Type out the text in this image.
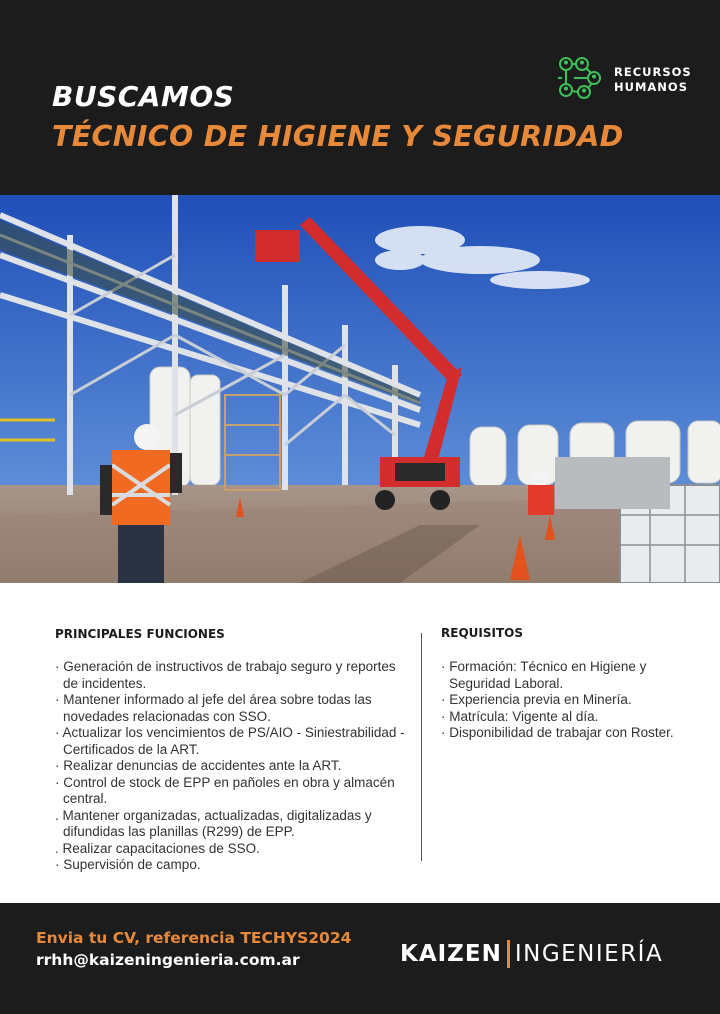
BUSCAMOS
TÉCNICO DE HIGIENE Y SEGURIDAD
RECURSOS
HUMANOS
PRINCIPALES FUNCIONES
· Generación de instructivos de trabajo seguro y reportes de incidentes.
· Mantener informado al jefe del área sobre todas las novedades relacionadas con SSO.
· Actualizar los vencimientos de PS/AIO - Siniestrabilidad - Certificados de la ART.
· Realizar denuncias de accidentes ante la ART.
· Control de stock de EPP en pañoles en obra y almacén central.
. Mantener organizadas, actualizadas, digitalizadas y difundidas las planillas (R299) de EPP.
. Realizar capacitaciones de SSO.
· Supervisión de campo.
REQUISITOS
· Formación: Técnico en Higiene y Seguridad Laboral.
· Experiencia previa en Minería.
· Matrícula: Vigente al día.
· Disponibilidad de trabajar con Roster.
Envia tu CV, referencia TECHYS2024
rrhh@kaizeningenieria.com.ar	KAIZEN INGENIERÍA
